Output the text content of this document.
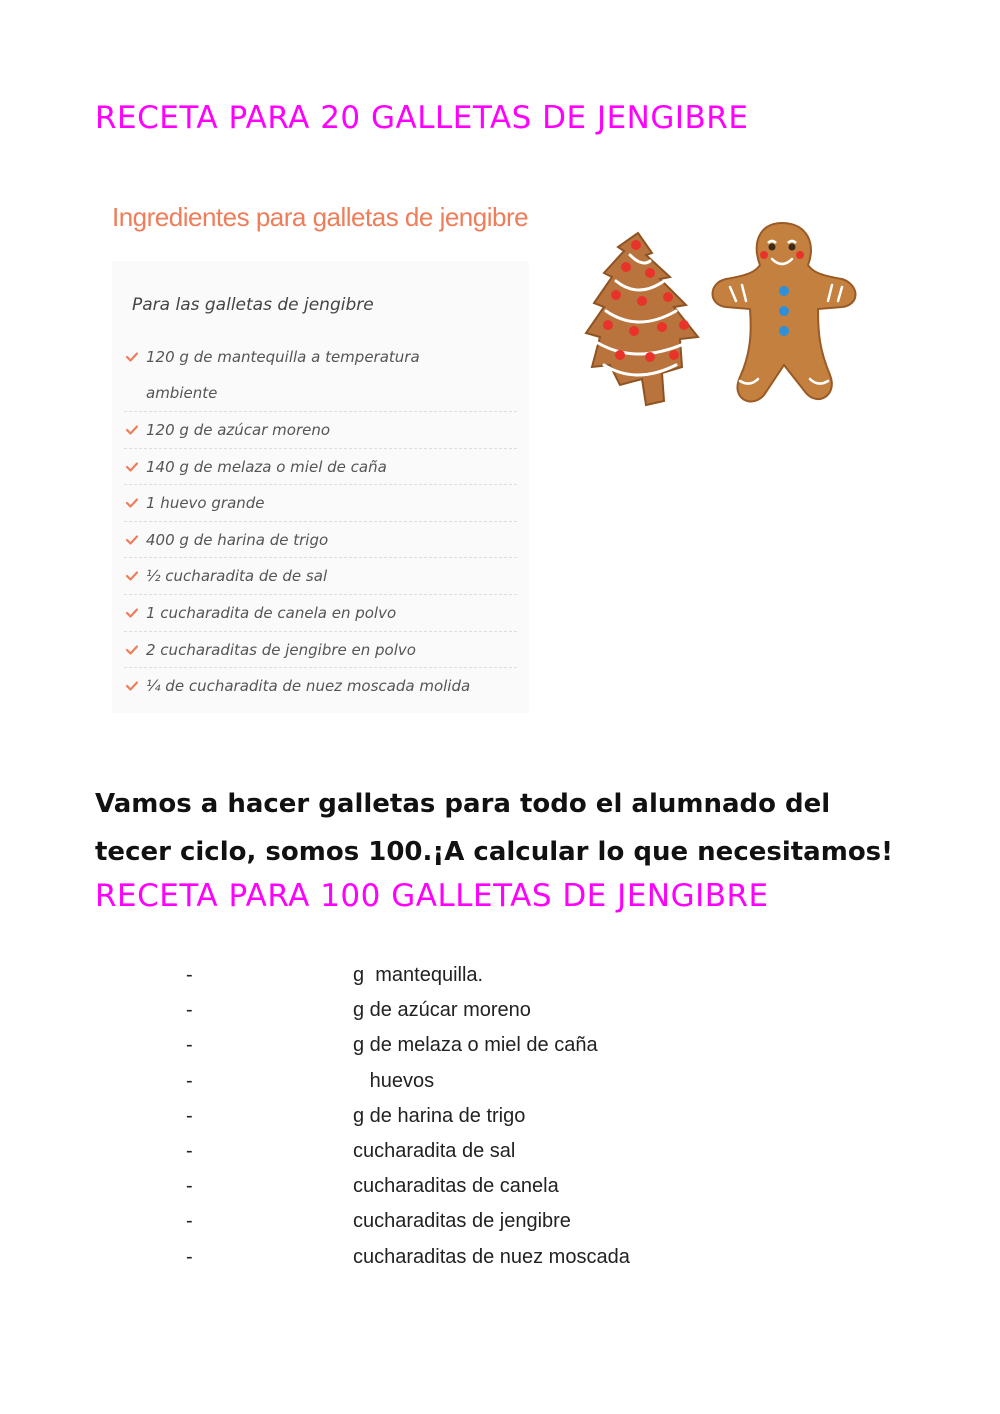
RECETA PARA 20 GALLETAS DE JENGIBRE
Ingredientes para galletas de jengibre
Para las galletas de jengibre
120 g de mantequilla a temperatura
ambiente
120 g de azúcar moreno
140 g de melaza o miel de caña
1 huevo grande
400 g de harina de trigo
½ cucharadita de de sal
1 cucharadita de canela en polvo
2 cucharaditas de jengibre en polvo
¼ de cucharadita de nuez moscada molida

Vamos a hacer galletas para todo el alumnado del
tecer ciclo, somos 100.¡A calcular lo que necesitamos!

RECETA PARA 100 GALLETAS DE JENGIBRE
-	g  mantequilla.
-	g de azúcar moreno
-	g de melaza o miel de caña
-	huevos
-	g de harina de trigo
-	cucharadita de sal
-	cucharaditas de canela
-	cucharaditas de jengibre
-	cucharaditas de nuez moscada
